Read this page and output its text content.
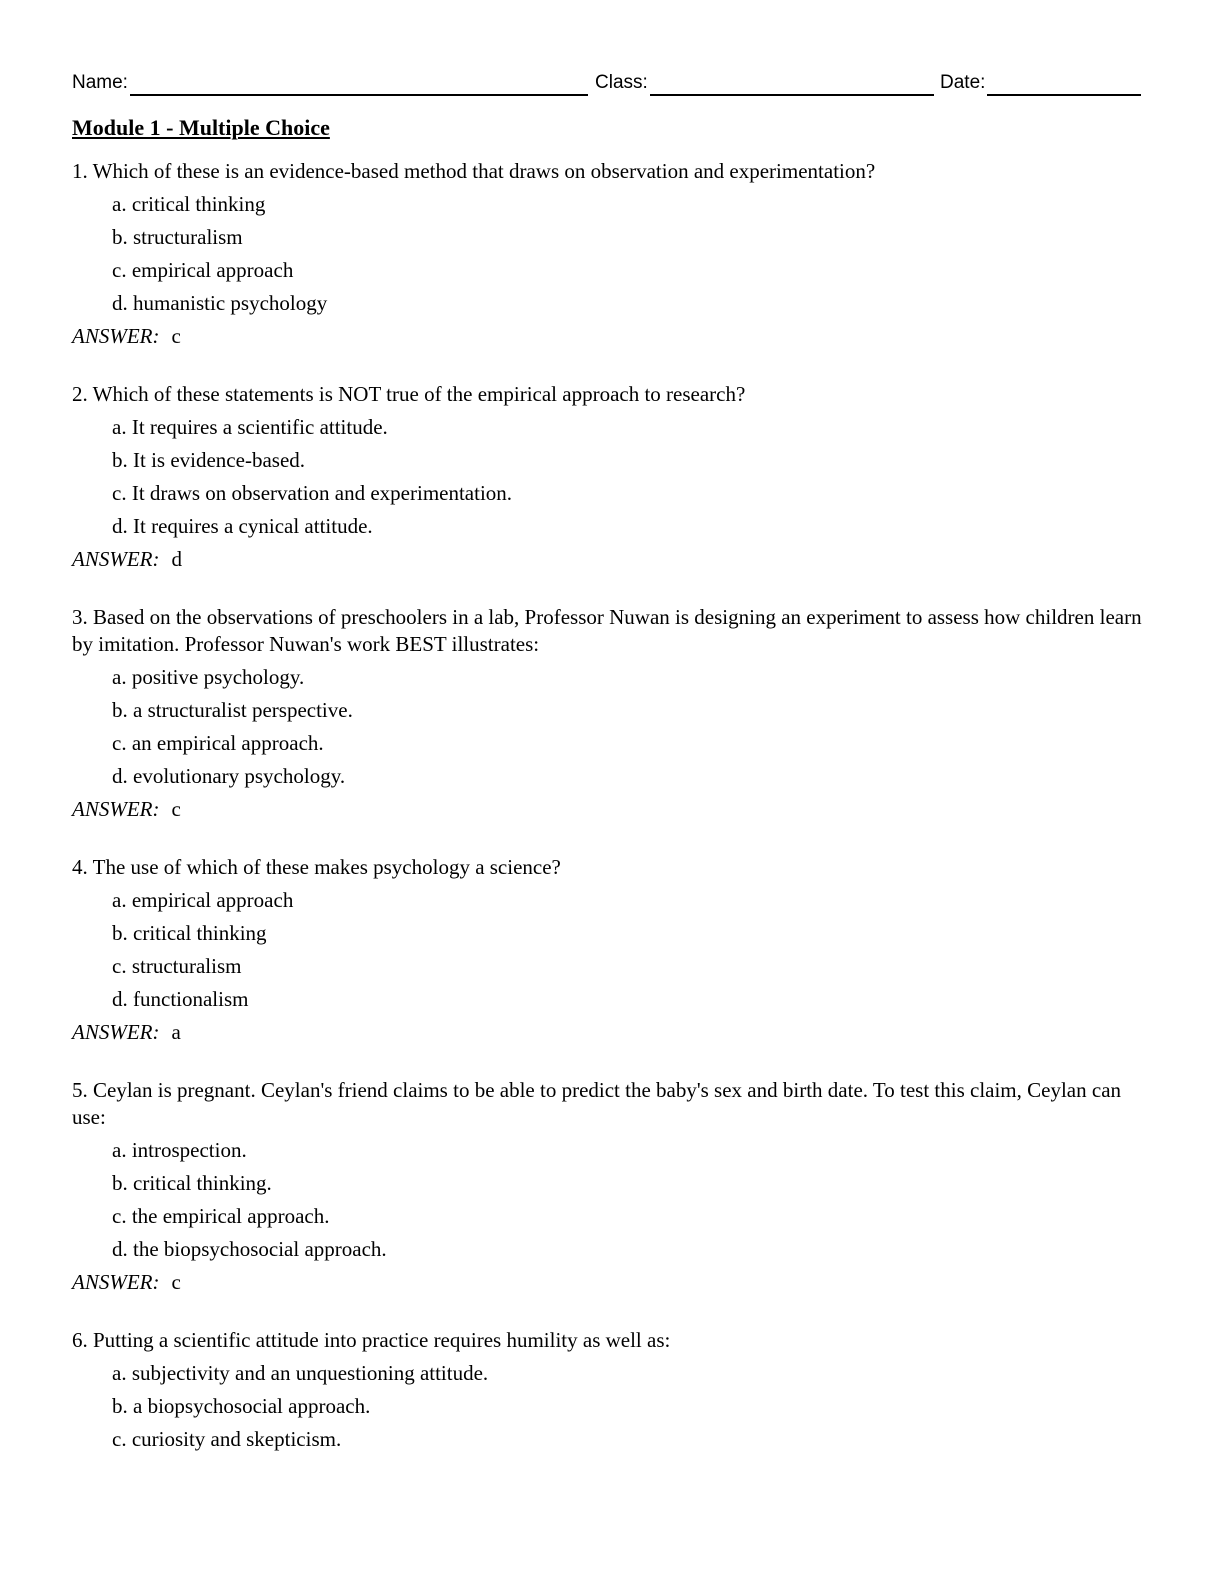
Name:	Class:	Date:
Module 1 - Multiple Choice
1. Which of these is an evidence-based method that draws on observation and experimentation?
a. critical thinking
b. structuralism
c. empirical approach
d. humanistic psychology
ANSWER: c
2. Which of these statements is NOT true of the empirical approach to research?
a. It requires a scientific attitude.
b. It is evidence-based.
c. It draws on observation and experimentation.
d. It requires a cynical attitude.
ANSWER: d
3. Based on the observations of preschoolers in a lab, Professor Nuwan is designing an experiment to assess how children learn by imitation. Professor Nuwan's work BEST illustrates:
a. positive psychology.
b. a structuralist perspective.
c. an empirical approach.
d. evolutionary psychology.
ANSWER: c
4. The use of which of these makes psychology a science?
a. empirical approach
b. critical thinking
c. structuralism
d. functionalism
ANSWER: a
5. Ceylan is pregnant. Ceylan's friend claims to be able to predict the baby's sex and birth date. To test this claim, Ceylan can use:
a. introspection.
b. critical thinking.
c. the empirical approach.
d. the biopsychosocial approach.
ANSWER: c
6. Putting a scientific attitude into practice requires humility as well as:
a. subjectivity and an unquestioning attitude.
b. a biopsychosocial approach.
c. curiosity and skepticism.
